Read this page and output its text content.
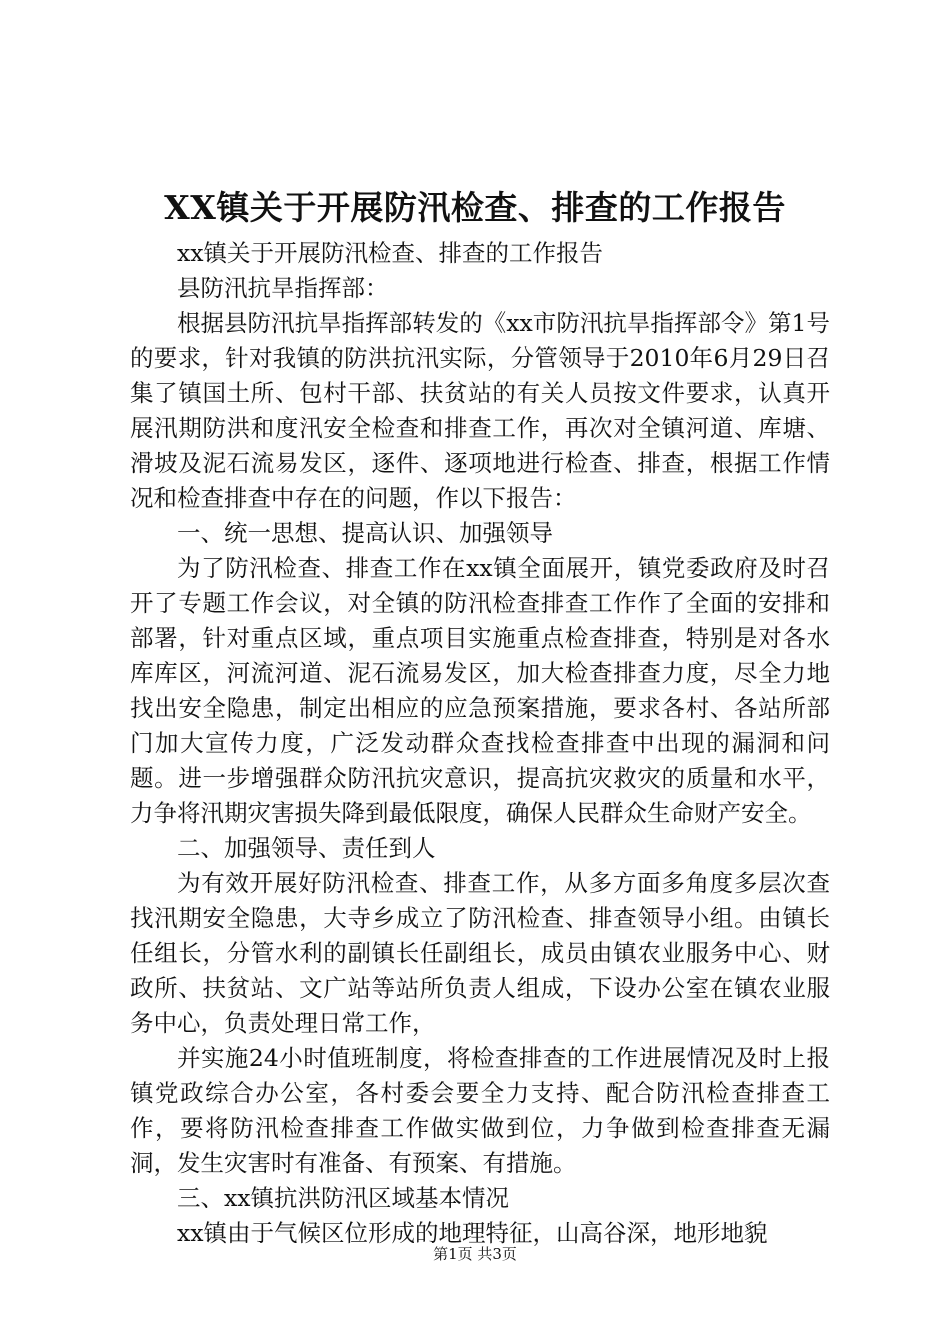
XX镇关于开展防汛检查、排查的工作报告

xx镇关于开展防汛检查、排查的工作报告

县防汛抗旱指挥部：

根据县防汛抗旱指挥部转发的《xx市防汛抗旱指挥部令》第1号的要求，针对我镇的防洪抗汛实际，分管领导于2010年6月29日召集了镇国土所、包村干部、扶贫站的有关人员按文件要求，认真开展汛期防洪和度汛安全检查和排查工作，再次对全镇河道、库塘、滑坡及泥石流易发区，逐件、逐项地进行检查、排查，根据工作情况和检查排查中存在的问题，作以下报告：

一、统一思想、提高认识、加强领导

为了防汛检查、排查工作在xx镇全面展开，镇党委政府及时召开了专题工作会议，对全镇的防汛检查排查工作作了全面的安排和部署，针对重点区域，重点项目实施重点检查排查，特别是对各水库库区，河流河道、泥石流易发区，加大检查排查力度，尽全力地找出安全隐患，制定出相应的应急预案措施，要求各村、各站所部门加大宣传力度，广泛发动群众查找检查排查中出现的漏洞和问题。进一步增强群众防汛抗灾意识，提高抗灾救灾的质量和水平，力争将汛期灾害损失降到最低限度，确保人民群众生命财产安全。

二、加强领导、责任到人

为有效开展好防汛检查、排查工作，从多方面多角度多层次查找汛期安全隐患，大寺乡成立了防汛检查、排查领导小组。由镇长任组长，分管水利的副镇长任副组长，成员由镇农业服务中心、财政所、扶贫站、文广站等站所负责人组成，下设办公室在镇农业服务中心，负责处理日常工作，

并实施24小时值班制度，将检查排查的工作进展情况及时上报镇党政综合办公室，各村委会要全力支持、配合防汛检查排查工作，要将防汛检查排查工作做实做到位，力争做到检查排查无漏洞，发生灾害时有准备、有预案、有措施。

三、xx镇抗洪防汛区域基本情况

xx镇由于气候区位形成的地理特征，山高谷深，地形地貌

第1页 共3页
